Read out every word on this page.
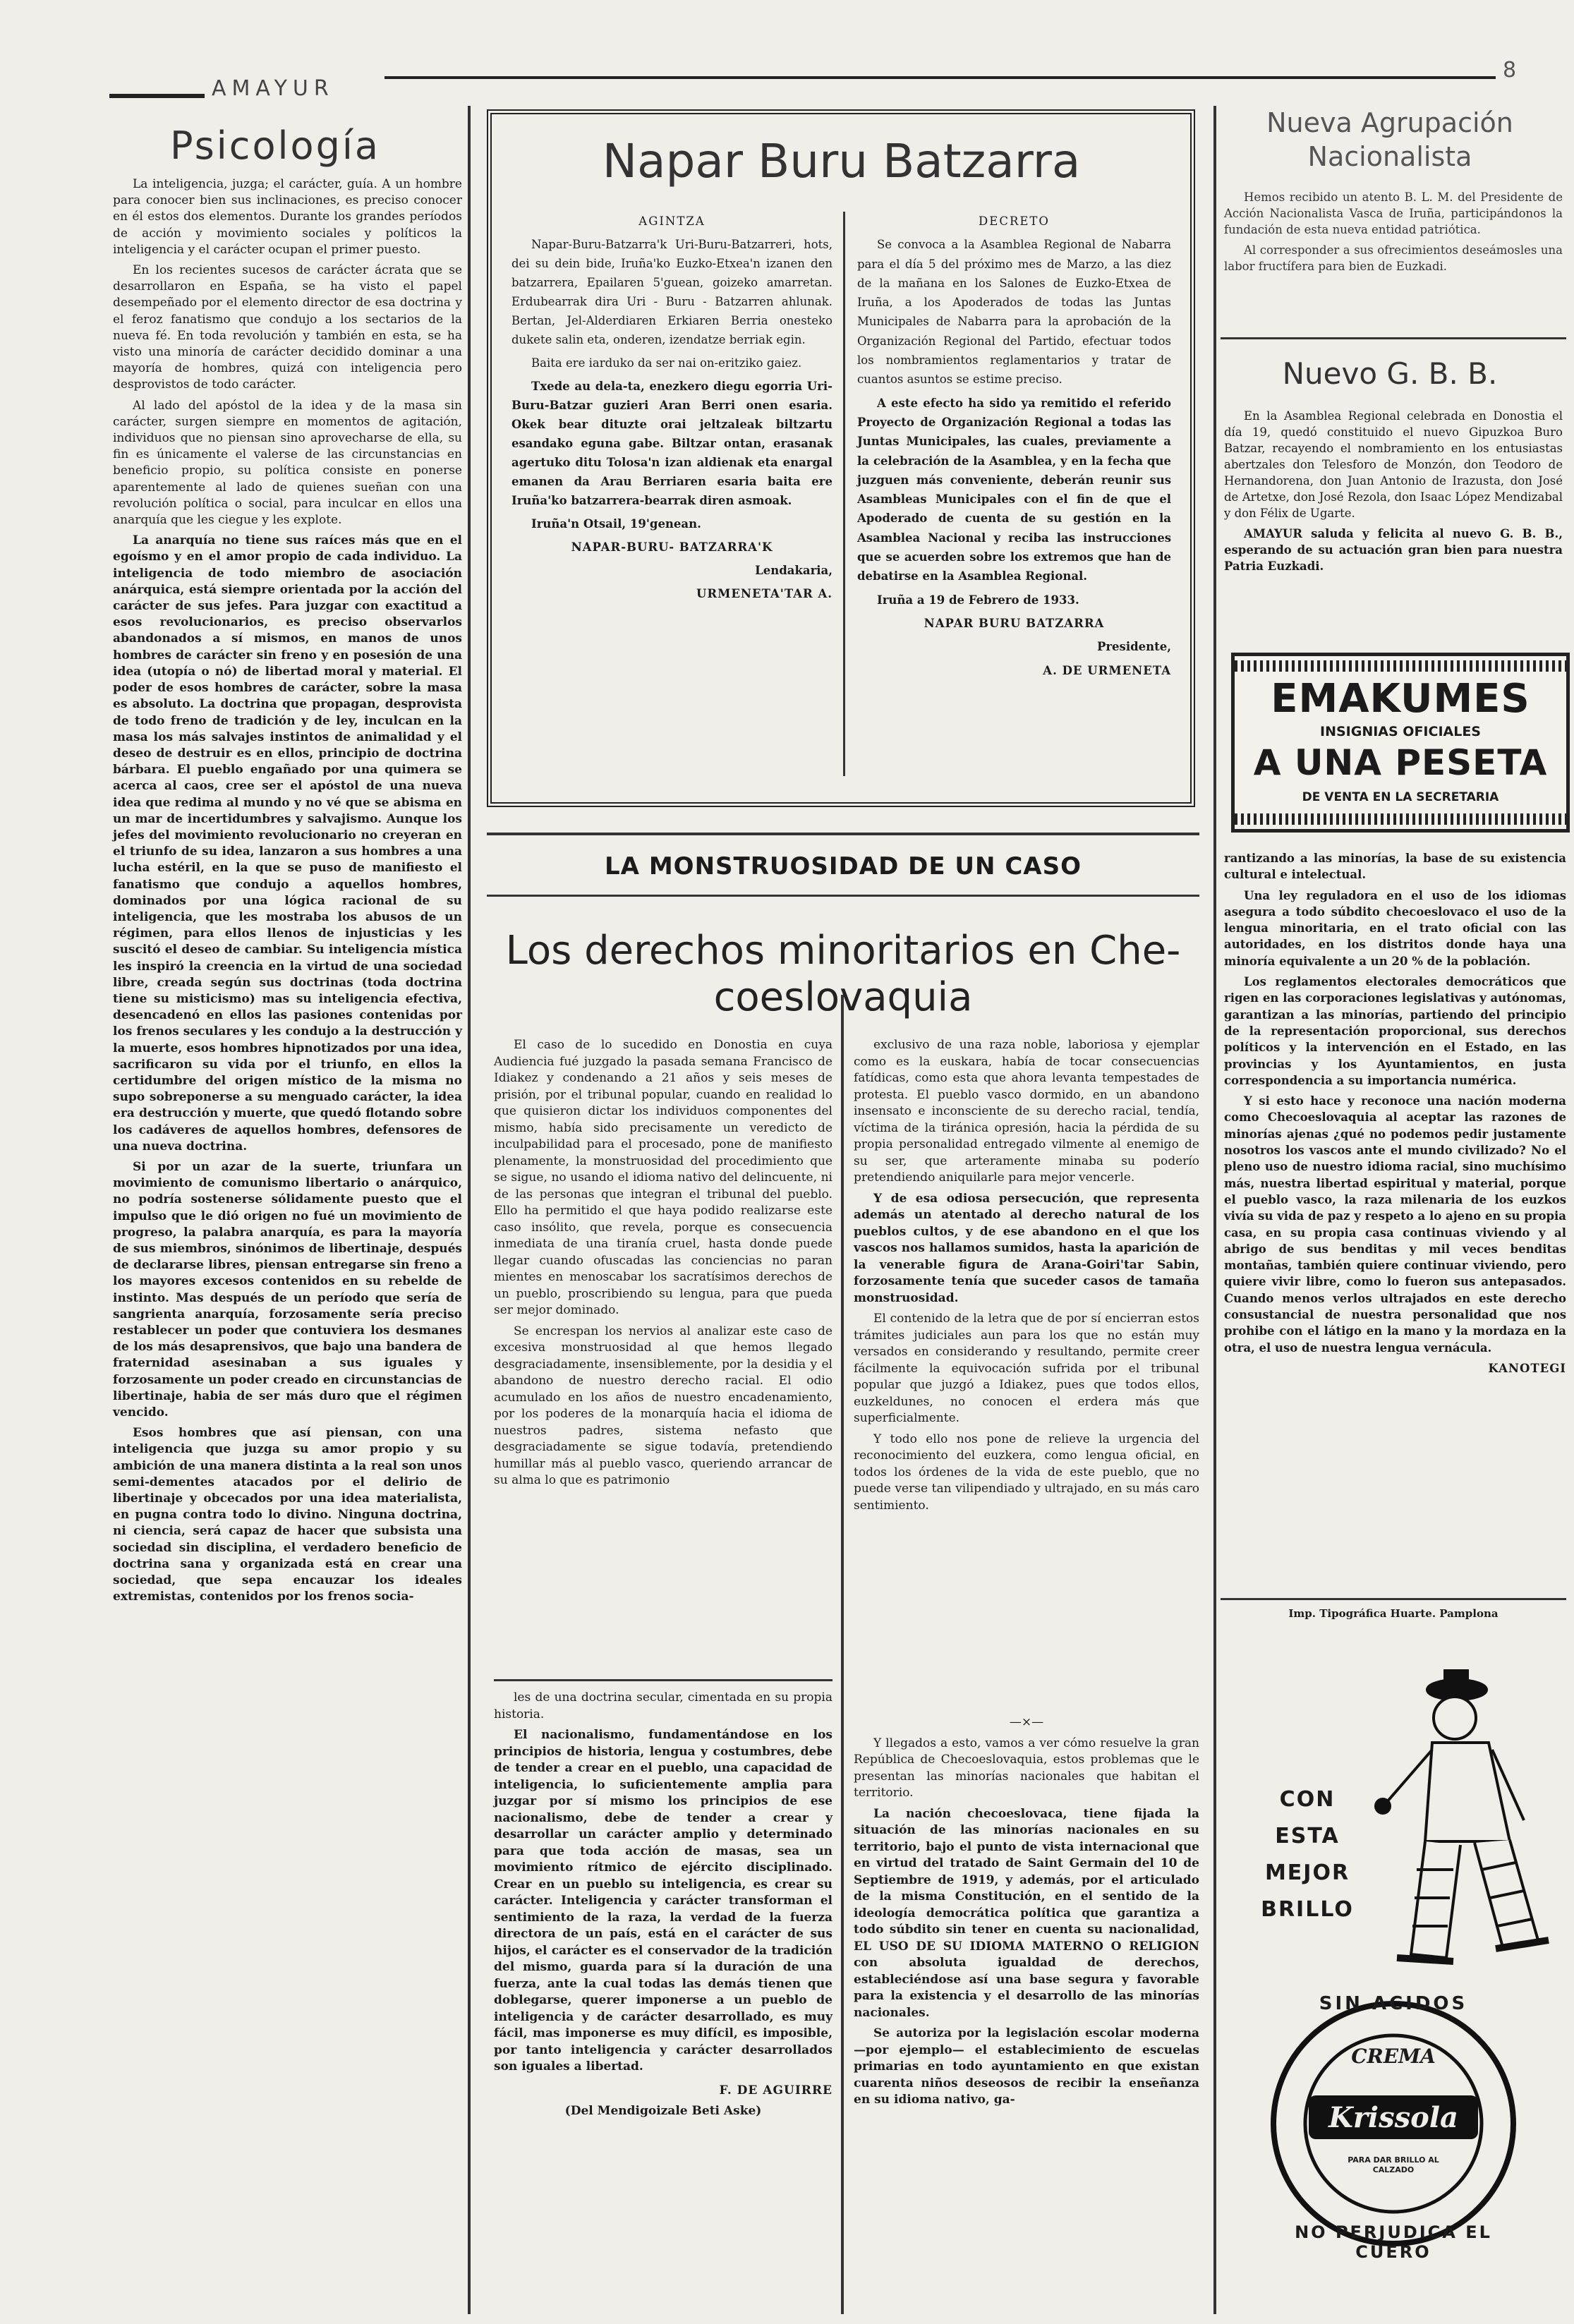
AMAYUR
8
Psicología

La inteligencia, juzga; el carácter, guía. A un hombre para conocer bien sus inclinaciones, es preciso conocer en él estos dos elementos. Durante los grandes períodos de acción y movimiento sociales y políticos la inteligencia y el carácter ocupan el primer puesto.

En los recientes sucesos de carácter ácrata que se desarrollaron en España, se ha visto el papel desempeñado por el elemento director de esa doctrina y el feroz fanatismo que condujo a los sectarios de la nueva fé. En toda revolución y también en esta, se ha visto una minoría de carácter decidido dominar a una mayoría de hombres, quizá con inteligencia pero desprovistos de todo carácter.

Al lado del apóstol de la idea y de la masa sin carácter, surgen siempre en momentos de agitación, individuos que no piensan sino aprovecharse de ella, su fin es únicamente el valerse de las circunstancias en beneficio propio, su política consiste en ponerse aparentemente al lado de quienes sueñan con una revolución política o social, para inculcar en ellos una anarquía que les ciegue y les explote.

La anarquía no tiene sus raíces más que en el egoísmo y en el amor propio de cada individuo. La inteligencia de todo miembro de asociación anárquica, está siempre orientada por la acción del carácter de sus jefes. Para juzgar con exactitud a esos revolucionarios, es preciso observarlos abandonados a sí mismos, en manos de unos hombres de carácter sin freno y en posesión de una idea (utopía o nó) de libertad moral y material. El poder de esos hombres de carácter, sobre la masa es absoluto. La doctrina que propagan, desprovista de todo freno de tradición y de ley, inculcan en la masa los más salvajes instintos de animalidad y el deseo de destruir es en ellos, principio de doctrina bárbara. El pueblo engañado por una quimera se acerca al caos, cree ser el apóstol de una nueva idea que redima al mundo y no vé que se abisma en un mar de incertidumbres y salvajismo. Aunque los jefes del movimiento revolucionario no creyeran en el triunfo de su idea, lanzaron a sus hombres a una lucha estéril, en la que se puso de manifiesto el fanatismo que condujo a aquellos hombres, dominados por una lógica racional de su inteligencia, que les mostraba los abusos de un régimen, para ellos llenos de injusticias y les suscitó el deseo de cambiar. Su inteligencia mística les inspiró la creencia en la virtud de una sociedad libre, creada según sus doctrinas (toda doctrina tiene su misticismo) mas su inteligencia efectiva, desencadenó en ellos las pasiones contenidas por los frenos seculares y les condujo a la destrucción y la muerte, esos hombres hipnotizados por una idea, sacrificaron su vida por el triunfo, en ellos la certidumbre del origen místico de la misma no supo sobreponerse a su menguado carácter, la idea era destrucción y muerte, que quedó flotando sobre los cadáveres de aquellos hombres, defensores de una nueva doctrina.

Si por un azar de la suerte, triunfara un movimiento de comunismo libertario o anárquico, no podría sostenerse sólidamente puesto que el impulso que le dió origen no fué un movimiento de progreso, la palabra anarquía, es para la mayoría de sus miembros, sinónimos de libertinaje, después de declararse libres, piensan entregarse sin freno a los mayores excesos contenidos en su rebelde de instinto. Mas después de un período que sería de sangrienta anarquía, forzosamente sería preciso restablecer un poder que contuviera los desmanes de los más desaprensivos, que bajo una bandera de fraternidad asesinaban a sus iguales y forzosamente un poder creado en circunstancias de libertinaje, habia de ser más duro que el régimen vencido.

Esos hombres que así piensan, con una inteligencia que juzga su amor propio y su ambición de una manera distinta a la real son unos semi-dementes atacados por el delirio de libertinaje y obcecados por una idea materialista, en pugna contra todo lo divino. Ninguna doctrina, ni ciencia, será capaz de hacer que subsista una sociedad sin disciplina, el verdadero beneficio de doctrina sana y organizada está en crear una sociedad, que sepa encauzar los ideales extremistas, contenidos por los frenos socia-

Napar Buru Batzarra

AGINTZA

Napar-Buru-Batzarra'k Uri-Buru-Batzarreri, hots, dei su dein bide, Iruña'ko Euzko-Etxea'n izanen den batzarrera, Epailaren 5'guean, goizeko amarretan. Erdubearrak dira Uri - Buru - Batzarren ahlunak. Bertan, Jel-Alderdiaren Erkiaren Berria onesteko dukete salin eta, onderen, izendatze berriak egin.

Baita ere iarduko da ser nai on-eritziko gaiez.

Txede au dela-ta, enezkero diegu egorria Uri-Buru-Batzar guzieri Aran Berri onen esaria. Okek bear dituzte orai jeltzaleak biltzartu esandako eguna gabe. Biltzar ontan, erasanak agertuko ditu Tolosa'n izan aldienak eta enargal emanen da Arau Berriaren esaria baita ere Iruña'ko batzarrera-bearrak diren asmoak.

Iruña'n Otsail, 19'genean.

NAPAR-BURU- BATZARRA'K

Lendakaria,

URMENETA'TAR A.

DECRETO

Se convoca a la Asamblea Regional de Nabarra para el día 5 del próximo mes de Marzo, a las diez de la mañana en los Salones de Euzko-Etxea de Iruña, a los Apoderados de todas las Juntas Municipales de Nabarra para la aprobación de la Organización Regional del Partido, efectuar todos los nombramientos reglamentarios y tratar de cuantos asuntos se estime preciso.

A este efecto ha sido ya remitido el referido Proyecto de Organización Regional a todas las Juntas Municipales, las cuales, previamente a la celebración de la Asamblea, y en la fecha que juzguen más conveniente, deberán reunir sus Asambleas Municipales con el fin de que el Apoderado de cuenta de su gestión en la Asamblea Nacional y reciba las instrucciones que se acuerden sobre los extremos que han de debatirse en la Asamblea Regional.

Iruña a 19 de Febrero de 1933.

NAPAR BURU BATZARRA

Presidente,

A. DE URMENETA

LA MONSTRUOSIDAD DE UN CASO
Los derechos minoritarios en Che-
coeslovaquia

El caso de lo sucedido en Donostia en cuya Audiencia fué juzgado la pasada semana Francisco de Idiakez y condenando a 21 años y seis meses de prisión, por el tribunal popular, cuando en realidad lo que quisieron dictar los individuos componentes del mismo, había sido precisamente un veredicto de inculpabilidad para el procesado, pone de manifiesto plenamente, la monstruosidad del procedimiento que se sigue, no usando el idioma nativo del delincuente, ni de las personas que integran el tribunal del pueblo. Ello ha permitido el que haya podido realizarse este caso insólito, que revela, porque es consecuencia inmediata de una tiranía cruel, hasta donde puede llegar cuando ofuscadas las conciencias no paran mientes en menoscabar los sacratísimos derechos de un pueblo, proscribiendo su lengua, para que pueda ser mejor dominado.

Se encrespan los nervios al analizar este caso de excesiva monstruosidad al que hemos llegado desgraciadamente, insensiblemente, por la desidia y el abandono de nuestro derecho racial. El odio acumulado en los años de nuestro encadenamiento, por los poderes de la monarquía hacia el idioma de nuestros padres, sistema nefasto que desgraciadamente se sigue todavía, pretendiendo humillar más al pueblo vasco, queriendo arrancar de su alma lo que es patrimonio

exclusivo de una raza noble, laboriosa y ejemplar como es la euskara, había de tocar consecuencias fatídicas, como esta que ahora levanta tempestades de protesta. El pueblo vasco dormido, en un abandono insensato e inconsciente de su derecho racial, tendía, víctima de la tiránica opresión, hacia la pérdida de su propia personalidad entregado vilmente al enemigo de su ser, que arteramente minaba su poderío pretendiendo aniquilarle para mejor vencerle.

Y de esa odiosa persecución, que representa además un atentado al derecho natural de los pueblos cultos, y de ese abandono en el que los vascos nos hallamos sumidos, hasta la aparición de la venerable figura de Arana-Goiri'tar Sabin, forzosamente tenía que suceder casos de tamaña monstruosidad.

El contenido de la letra que de por sí encierran estos trámites judiciales aun para los que no están muy versados en considerando y resultando, permite creer fácilmente la equivocación sufrida por el tribunal popular que juzgó a Idiakez, pues que todos ellos, euzkeldunes, no conocen el erdera más que superficialmente.

Y todo ello nos pone de relieve la urgencia del reconocimiento del euzkera, como lengua oficial, en todos los órdenes de la vida de este pueblo, que no puede verse tan vilipendiado y ultrajado, en su más caro sentimiento.

les de una doctrina secular, cimentada en su propia historia.

El nacionalismo, fundamentándose en los principios de historia, lengua y costumbres, debe de tender a crear en el pueblo, una capacidad de inteligencia, lo suficientemente amplia para juzgar por sí mismo los principios de ese nacionalismo, debe de tender a crear y desarrollar un carácter amplio y determinado para que toda acción de masas, sea un movimiento rítmico de ejército disciplinado. Crear en un pueblo su inteligencia, es crear su carácter. Inteligencia y carácter transforman el sentimiento de la raza, la verdad de la fuerza directora de un país, está en el carácter de sus hijos, el carácter es el conservador de la tradición del mismo, guarda para sí la duración de una fuerza, ante la cual todas las demás tienen que doblegarse, querer imponerse a un pueblo de inteligencia y de carácter desarrollado, es muy fácil, mas imponerse es muy difícil, es imposible, por tanto inteligencia y carácter desarrollados son iguales a libertad.

F. DE AGUIRRE

(Del Mendigoizale Beti Aske)

—×—

Y llegados a esto, vamos a ver cómo resuelve la gran República de Checoeslovaquia, estos problemas que le presentan las minorías nacionales que habitan el territorio.

La nación checoeslovaca, tiene fijada la situación de las minorías nacionales en su territorio, bajo el punto de vista internacional que en virtud del tratado de Saint Germain del 10 de Septiembre de 1919, y además, por el articulado de la misma Constitución, en el sentido de la ideología democrática política que garantiza a todo súbdito sin tener en cuenta su nacionalidad, EL USO DE SU IDIOMA MATERNO O RELIGION con absoluta igualdad de derechos, estableciéndose así una base segura y favorable para la existencia y el desarrollo de las minorías nacionales.

Se autoriza por la legislación escolar moderna —por ejemplo— el establecimiento de escuelas primarias en todo ayuntamiento en que existan cuarenta niños deseosos de recibir la enseñanza en su idioma nativo, ga-

Nueva Agrupación Nacionalista

Hemos recibido un atento B. L. M. del Presidente de Acción Nacionalista Vasca de Iruña, participándonos la fundación de esta nueva entidad patriótica.

Al corresponder a sus ofrecimientos deseámosles una labor fructífera para bien de Euzkadi.

Nuevo G. B. B.

En la Asamblea Regional celebrada en Donostia el día 19, quedó constituido el nuevo Gipuzkoa Buro Batzar, recayendo el nombramiento en los entusiastas abertzales don Telesforo de Monzón, don Teodoro de Hernandorena, don Juan Antonio de Irazusta, don José de Artetxe, don José Rezola, don Isaac López Mendizabal y don Félix de Ugarte.

AMAYUR saluda y felicita al nuevo G. B. B., esperando de su actuación gran bien para nuestra Patria Euzkadi.

EMAKUMES
INSIGNIAS OFICIALES
A UNA PESETA
DE VENTA EN LA SECRETARIA

rantizando a las minorías, la base de su existencia cultural e intelectual.

Una ley reguladora en el uso de los idiomas asegura a todo súbdito checoeslovaco el uso de la lengua minoritaria, en el trato oficial con las autoridades, en los distritos donde haya una minoría equivalente a un 20 % de la población.

Los reglamentos electorales democráticos que rigen en las corporaciones legislativas y autónomas, garantizan a las minorías, partiendo del principio de la representación proporcional, sus derechos políticos y la intervención en el Estado, en las provincias y los Ayuntamientos, en justa correspondencia a su importancia numérica.

Y si esto hace y reconoce una nación moderna como Checoeslovaquia al aceptar las razones de minorías ajenas ¿qué no podemos pedir justamente nosotros los vascos ante el mundo civilizado? No el pleno uso de nuestro idioma racial, sino muchísimo más, nuestra libertad espiritual y material, porque el pueblo vasco, la raza milenaria de los euzkos vivía su vida de paz y respeto a lo ajeno en su propia casa, en su propia casa continuas viviendo y al abrigo de sus benditas y mil veces benditas montañas, también quiere continuar viviendo, pero quiere vivir libre, como lo fueron sus antepasados. Cuando menos verlos ultrajados en este derecho consustancial de nuestra personalidad que nos prohibe con el látigo en la mano y la mordaza en la otra, el uso de nuestra lengua vernácula.

KANOTEGI

Imp. Tipográfica Huarte. Pamplona
CON
ESTA
MEJOR
BRILLO
SIN ACIDOS
CREMA
Krissola
PARA DAR BRILLO AL CALZADO
NO PERJUDICA EL CUERO
